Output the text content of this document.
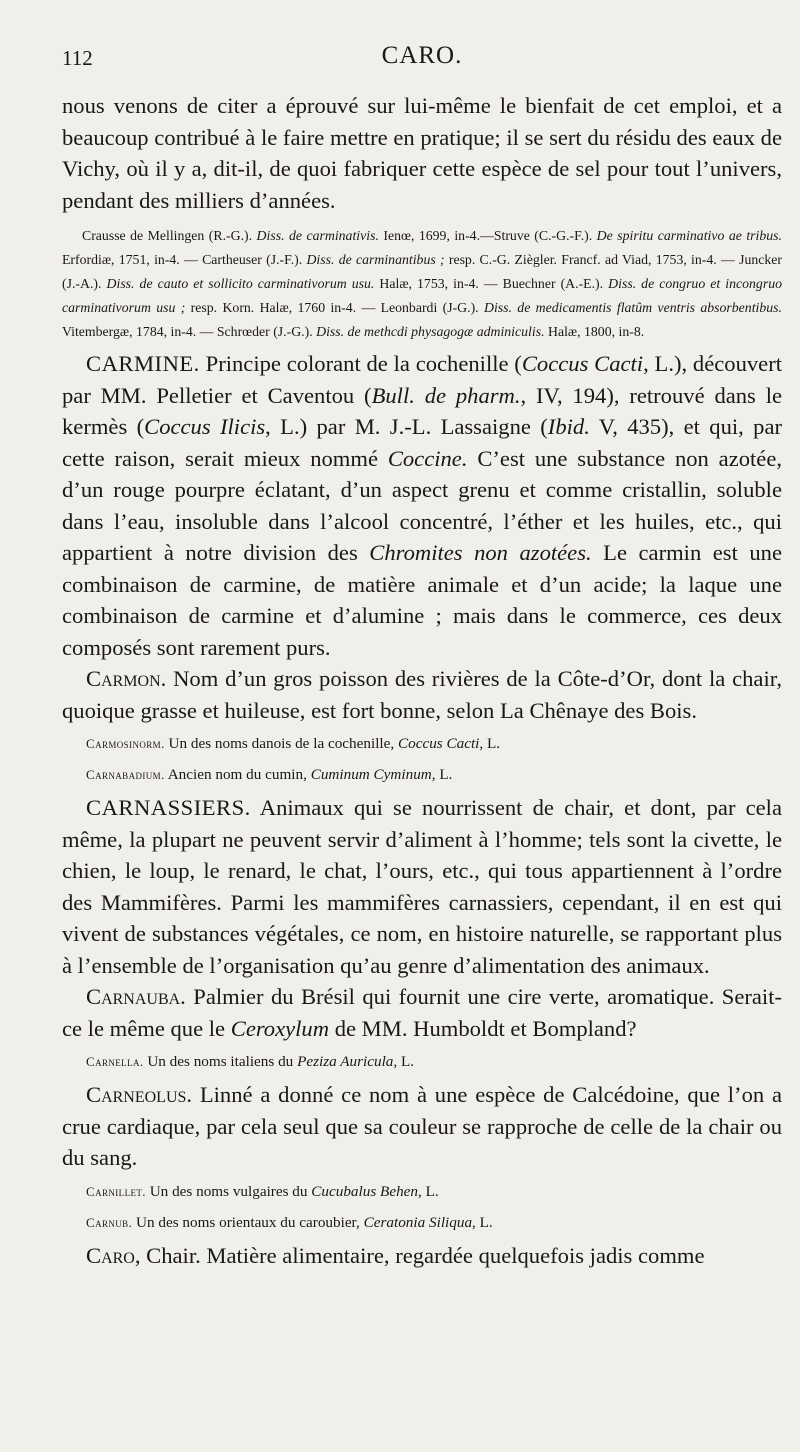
112	CARO.

nous venons de citer a éprouvé sur lui-même le bienfait de cet emploi, et a beaucoup contribué à le faire mettre en pratique; il se sert du résidu des eaux de Vichy, où il y a, dit-il, de quoi fabriquer cette espèce de sel pour tout l’univers, pendant des milliers d’années.

Crausse de Mellingen (R.-G.). Diss. de carminativis. Ienœ, 1699, in-4.—Struve (C.-G.-F.). De spiritu carminativo ae tribus. Erfordiæ, 1751, in-4. — Cartheuser (J.-F.). Diss. de carminantibus ; resp. C.-G. Ziègler. Francf. ad Viad, 1753, in-4. — Juncker (J.-A.). Diss. de cauto et sollicito carminativorum usu. Halæ, 1753, in-4. — Buechner (A.-E.). Diss. de congruo et incongruo carminativorum usu ; resp. Korn. Halæ, 1760 in-4. — Leonbardi (J-G.). Diss. de medicamentis flatûm ventris absorbentibus. Vitembergæ, 1784, in-4. — Schrœder (J.-G.). Diss. de methcdi physagogæ adminiculis. Halæ, 1800, in-8.

CARMINE. Principe colorant de la cochenille (Coccus Cacti, L.), découvert par MM. Pelletier et Caventou (Bull. de pharm., IV, 194), retrouvé dans le kermès (Coccus Ilicis, L.) par M. J.-L. Lassaigne (Ibid. V, 435), et qui, par cette raison, serait mieux nommé Coccine. C’est une substance non azotée, d’un rouge pourpre éclatant, d’un aspect grenu et comme cristallin, soluble dans l’eau, insoluble dans l’alcool concentré, l’éther et les huiles, etc., qui appartient à notre division des Chromites non azotées. Le carmin est une combinaison de carmine, de matière animale et d’un acide; la laque une combinaison de carmine et d’alumine ; mais dans le commerce, ces deux composés sont rarement purs.

Carmon. Nom d’un gros poisson des rivières de la Côte-d’Or, dont la chair, quoique grasse et huileuse, est fort bonne, selon La Chênaye des Bois.

Carmosinorm. Un des noms danois de la cochenille, Coccus Cacti, L.

Carnabadium. Ancien nom du cumin, Cuminum Cyminum, L.

CARNASSIERS. Animaux qui se nourrissent de chair, et dont, par cela même, la plupart ne peuvent servir d’aliment à l’homme; tels sont la civette, le chien, le loup, le renard, le chat, l’ours, etc., qui tous appartiennent à l’ordre des Mammifères. Parmi les mammifères carnassiers, cependant, il en est qui vivent de substances végétales, ce nom, en histoire naturelle, se rapportant plus à l’ensemble de l’organisation qu’au genre d’alimentation des animaux.

Carnauba. Palmier du Brésil qui fournit une cire verte, aromatique. Serait-ce le même que le Ceroxylum de MM. Humboldt et Bompland?

Carnella. Un des noms italiens du Peziza Auricula, L.

Carneolus. Linné a donné ce nom à une espèce de Calcédoine, que l’on a crue cardiaque, par cela seul que sa couleur se rapproche de celle de la chair ou du sang.

Carnillet. Un des noms vulgaires du Cucubalus Behen, L.

Carnub. Un des noms orientaux du caroubier, Ceratonia Siliqua, L.

Caro, Chair. Matière alimentaire, regardée quelquefois jadis comme
